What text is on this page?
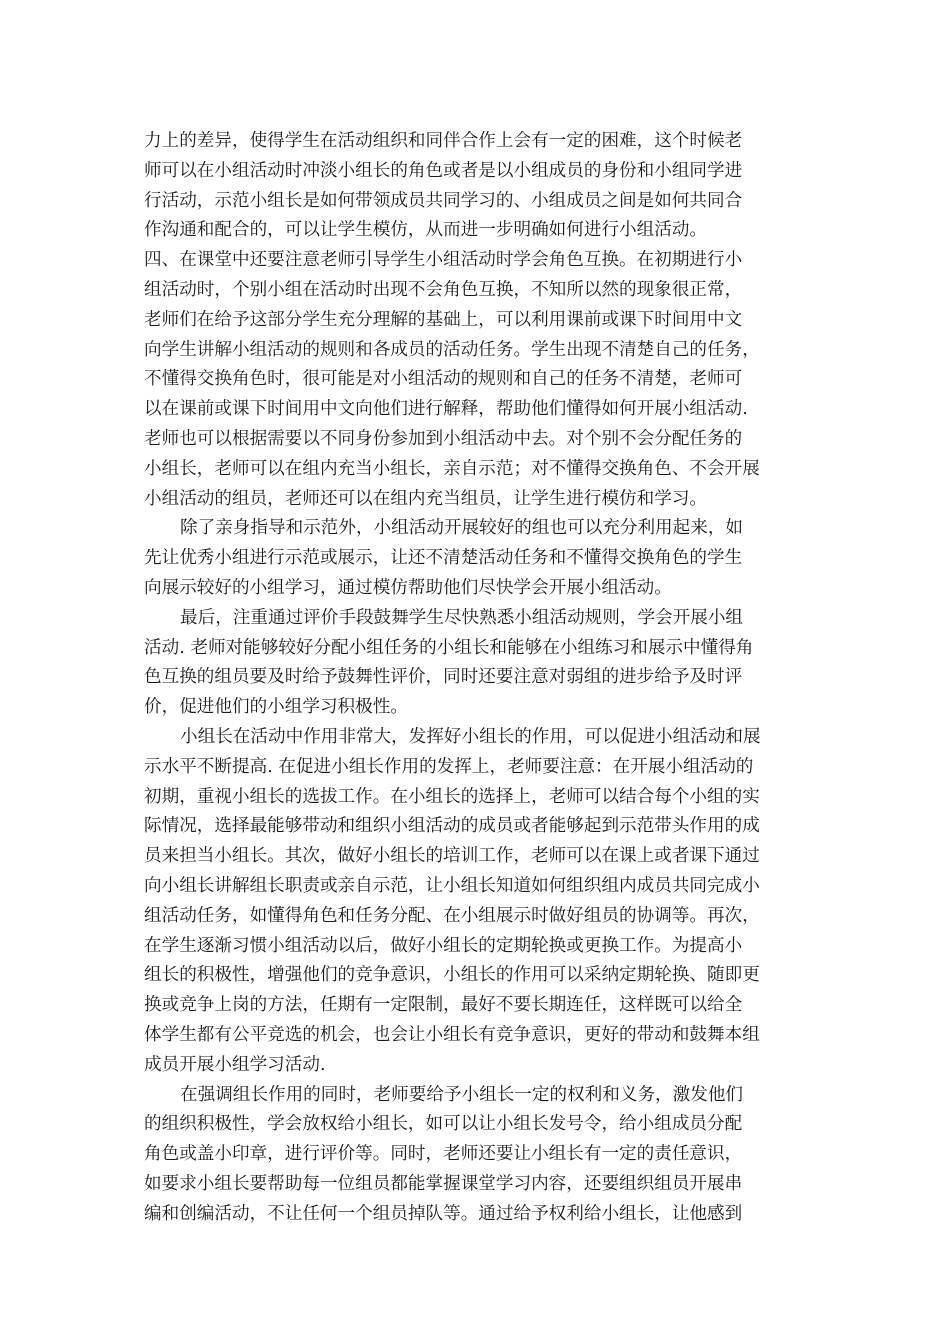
力上的差异，使得学生在活动组织和同伴合作上会有一定的困难，这个时候老
师可以在小组活动时冲淡小组长的角色或者是以小组成员的身份和小组同学进
行活动，示范小组长是如何带领成员共同学习的、小组成员之间是如何共同合
作沟通和配合的，可以让学生模仿，从而进一步明确如何进行小组活动。
四、在课堂中还要注意老师引导学生小组活动时学会角色互换。在初期进行小
组活动时，个别小组在活动时出现不会角色互换，不知所以然的现象很正常，
老师们在给予这部分学生充分理解的基础上，可以利用课前或课下时间用中文
向学生讲解小组活动的规则和各成员的活动任务。学生出现不清楚自己的任务，
不懂得交换角色时，很可能是对小组活动的规则和自己的任务不清楚，老师可
以在课前或课下时间用中文向他们进行解释，帮助他们懂得如何开展小组活动.
老师也可以根据需要以不同身份参加到小组活动中去。对个别不会分配任务的
小组长，老师可以在组内充当小组长，亲自示范；对不懂得交换角色、不会开展
小组活动的组员，老师还可以在组内充当组员，让学生进行模仿和学习。
除了亲身指导和示范外，小组活动开展较好的组也可以充分利用起来，如
先让优秀小组进行示范或展示，让还不清楚活动任务和不懂得交换角色的学生
向展示较好的小组学习，通过模仿帮助他们尽快学会开展小组活动。
最后，注重通过评价手段鼓舞学生尽快熟悉小组活动规则，学会开展小组
活动. 老师对能够较好分配小组任务的小组长和能够在小组练习和展示中懂得角
色互换的组员要及时给予鼓舞性评价，同时还要注意对弱组的进步给予及时评
价，促进他们的小组学习积极性。
小组长在活动中作用非常大，发挥好小组长的作用，可以促进小组活动和展
示水平不断提高. 在促进小组长作用的发挥上，老师要注意：在开展小组活动的
初期，重视小组长的选拔工作。在小组长的选择上，老师可以结合每个小组的实
际情况，选择最能够带动和组织小组活动的成员或者能够起到示范带头作用的成
员来担当小组长。其次，做好小组长的培训工作，老师可以在课上或者课下通过
向小组长讲解组长职责或亲自示范，让小组长知道如何组织组内成员共同完成小
组活动任务，如懂得角色和任务分配、在小组展示时做好组员的协调等。再次，
在学生逐渐习惯小组活动以后，做好小组长的定期轮换或更换工作。为提高小
组长的积极性，增强他们的竞争意识，小组长的作用可以采纳定期轮换、随即更
换或竞争上岗的方法，任期有一定限制，最好不要长期连任，这样既可以给全
体学生都有公平竞选的机会，也会让小组长有竞争意识，更好的带动和鼓舞本组
成员开展小组学习活动.
在强调组长作用的同时，老师要给予小组长一定的权利和义务，激发他们
的组织积极性，学会放权给小组长，如可以让小组长发号令，给小组成员分配
角色或盖小印章，进行评价等。同时，老师还要让小组长有一定的责任意识，
如要求小组长要帮助每一位组员都能掌握课堂学习内容，还要组织组员开展串
编和创编活动，不让任何一个组员掉队等。通过给予权利给小组长，让他感到
